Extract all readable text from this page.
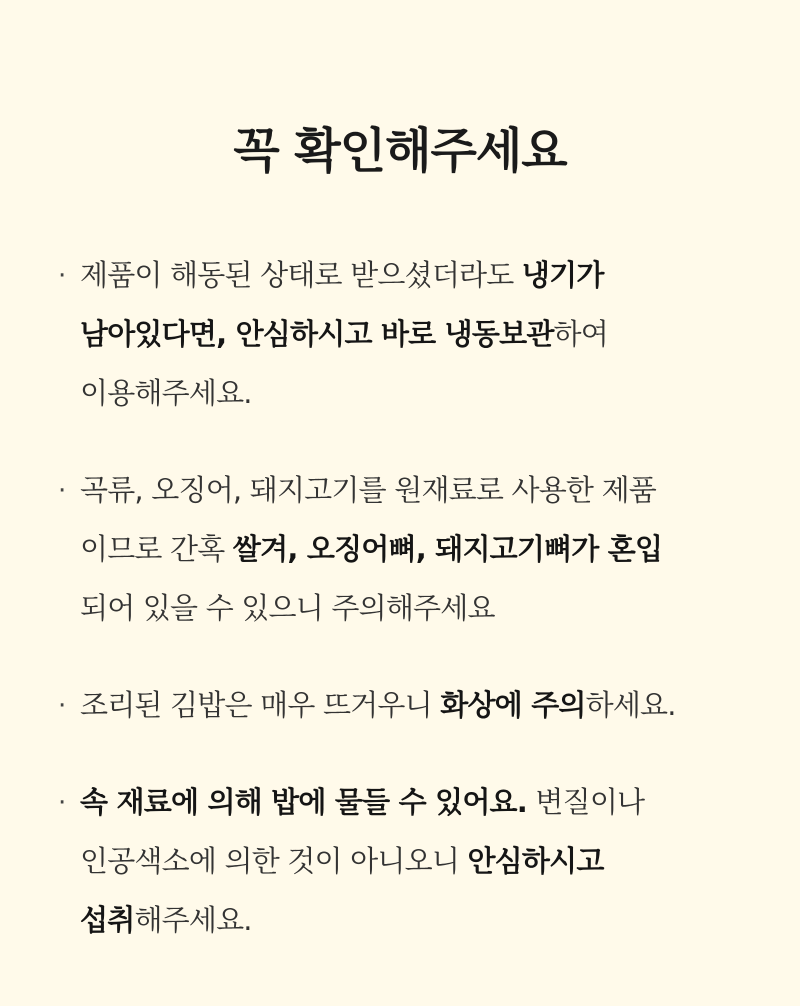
꼭 확인해주세요
· 제품이 해동된 상태로 받으셨더라도 냉기가
남아있다면, 안심하시고 바로 냉동보관하여
이용해주세요.
· 곡류, 오징어, 돼지고기를 원재료로 사용한 제품
이므로 간혹 쌀겨, 오징어뼈, 돼지고기뼈가 혼입
되어 있을 수 있으니 주의해주세요
· 조리된 김밥은 매우 뜨거우니 화상에 주의하세요.
· 속 재료에 의해 밥에 물들 수 있어요. 변질이나
인공색소에 의한 것이 아니오니 안심하시고
섭취해주세요.
